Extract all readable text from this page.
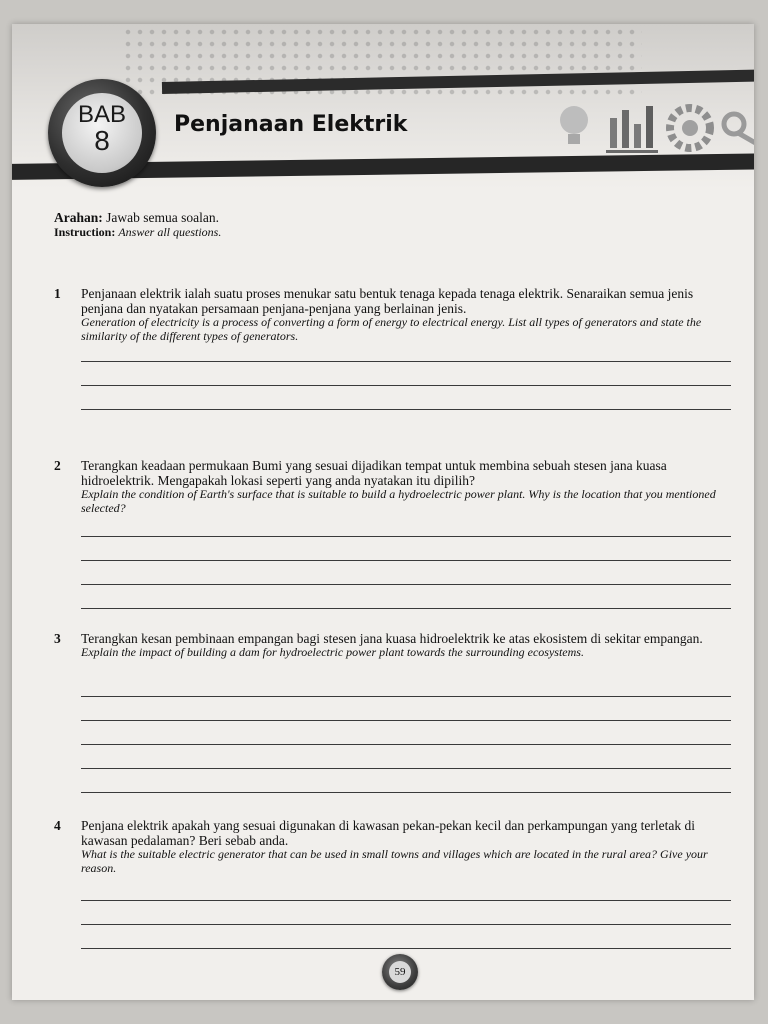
BAB
8
Penjanaan Elektrik
Arahan: Jawab semua soalan.
Instruction: Answer all questions.
1 Penjanaan elektrik ialah suatu proses menukar satu bentuk tenaga kepada tenaga elektrik. Senaraikan semua jenis penjana dan nyatakan persamaan penjana-penjana yang berlainan jenis.
Generation of electricity is a process of converting a form of energy to electrical energy. List all types of generators and state the similarity of the different types of generators.
2 Terangkan keadaan permukaan Bumi yang sesuai dijadikan tempat untuk membina sebuah stesen jana kuasa hidroelektrik. Mengapakah lokasi seperti yang anda nyatakan itu dipilih?
Explain the condition of Earth's surface that is suitable to build a hydroelectric power plant. Why is the location that you mentioned selected?
3 Terangkan kesan pembinaan empangan bagi stesen jana kuasa hidroelektrik ke atas ekosistem di sekitar empangan.
Explain the impact of building a dam for hydroelectric power plant towards the surrounding ecosystems.
4 Penjana elektrik apakah yang sesuai digunakan di kawasan pekan-pekan kecil dan perkampungan yang terletak di kawasan pedalaman? Beri sebab anda.
What is the suitable electric generator that can be used in small towns and villages which are located in the rural area? Give your reason.
59
